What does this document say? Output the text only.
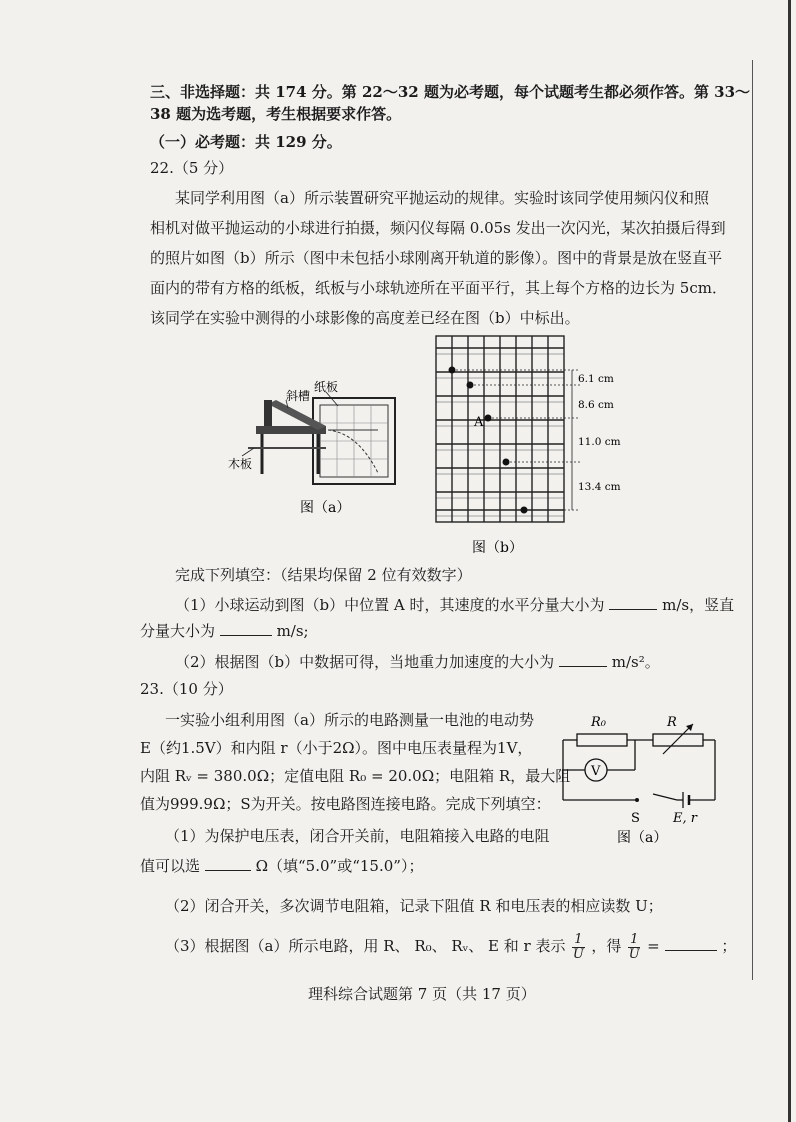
三、非选择题：共 174 分。第 22～32 题为必考题，每个试题考生都必须作答。第 33～
38 题为选考题，考生根据要求作答。
（一）必考题：共 129 分。
22.（5 分）
某同学利用图（a）所示装置研究平抛运动的规律。实验时该同学使用频闪仪和照
相机对做平抛运动的小球进行拍摄，频闪仪每隔 0.05s 发出一次闪光，某次拍摄后得到
的照片如图（b）所示（图中未包括小球刚离开轨道的影像）。图中的背景是放在竖直平
面内的带有方格的纸板，纸板与小球轨迹所在平面平行，其上每个方格的边长为 5cm．
该同学在实验中测得的小球影像的高度差已经在图（b）中标出。
纸板
斜槽
木板
图（a）
A
6.1 cm
8.6 cm
11.0 cm
13.4 cm
图（b）
完成下列填空：（结果均保留 2 位有效数字）
（1）小球运动到图（b）中位置 A 时，其速度的水平分量大小为	m/s，竖直
分量大小为	m/s;
（2）根据图（b）中数据可得，当地重力加速度的大小为	m/s²。
23.（10 分）
一实验小组利用图（a）所示的电路测量一电池的电动势
E（约1.5V）和内阻 r（小于2Ω）。图中电压表量程为1V，
内阻 Rᵥ = 380.0Ω；定值电阻 R₀ = 20.0Ω；电阻箱 R，最大阻
值为999.9Ω；S为开关。按电路图连接电路。完成下列填空：
（1）为保护电压表，闭合开关前，电阻箱接入电路的电阻
值可以选	Ω（填“5.0”或“15.0”）；
（2）闭合开关，多次调节电阻箱，记录下阻值 R 和电压表的相应读数 U；
（3）根据图（a）所示电路，用 R、 R₀、 Rᵥ、 E 和 r 表示 $\frac{1}{U}$ ，得 $\frac{1}{U}$ =	；
V
R₀	R
S	E, r
图（a）
理科综合试题第 7 页（共 17 页）
